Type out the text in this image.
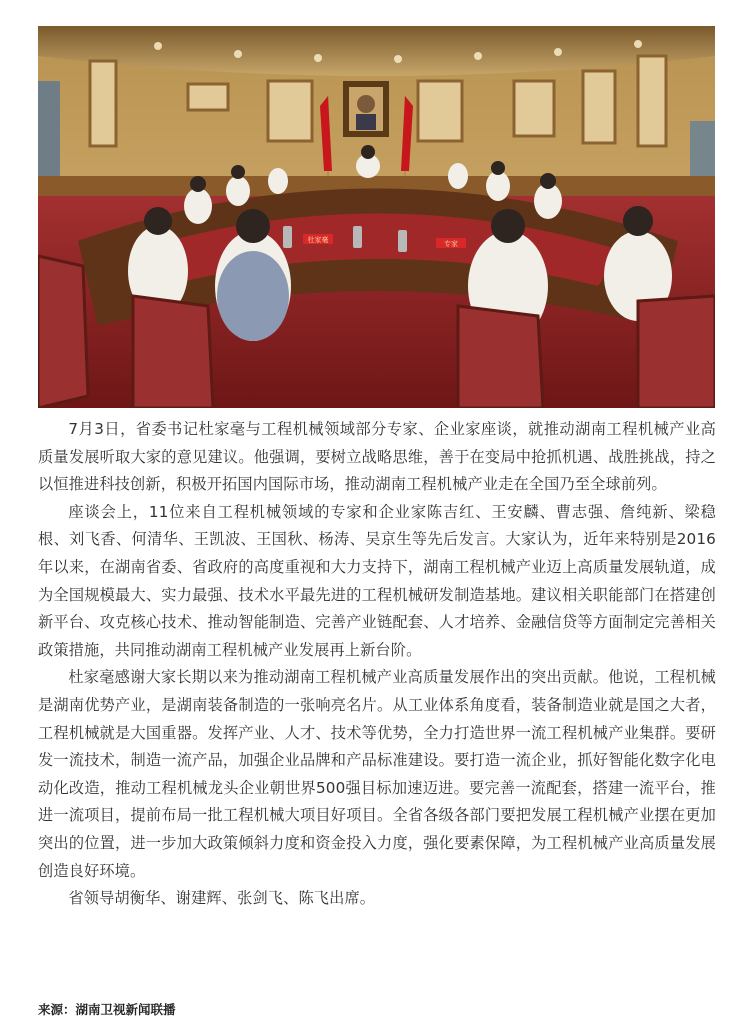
杜家毫	专家

7月3日，省委书记杜家毫与工程机械领域部分专家、企业家座谈，就推动湖南工程机械产业高质量发展听取大家的意见建议。他强调，要树立战略思维，善于在变局中抢抓机遇、战胜挑战，持之以恒推进科技创新，积极开拓国内国际市场，推动湖南工程机械产业走在全国乃至全球前列。

座谈会上，11位来自工程机械领域的专家和企业家陈吉红、王安麟、曹志强、詹纯新、梁稳根、刘飞香、何清华、王凯波、王国秋、杨涛、吴京生等先后发言。大家认为，近年来特别是2016年以来，在湖南省委、省政府的高度重视和大力支持下，湖南工程机械产业迈上高质量发展轨道，成为全国规模最大、实力最强、技术水平最先进的工程机械研发制造基地。建议相关职能部门在搭建创新平台、攻克核心技术、推动智能制造、完善产业链配套、人才培养、金融信贷等方面制定完善相关政策措施，共同推动湖南工程机械产业发展再上新台阶。

杜家毫感谢大家长期以来为推动湖南工程机械产业高质量发展作出的突出贡献。他说，工程机械是湖南优势产业，是湖南装备制造的一张响亮名片。从工业体系角度看，装备制造业就是国之大者，工程机械就是大国重器。发挥产业、人才、技术等优势，全力打造世界一流工程机械产业集群。要研发一流技术，制造一流产品，加强企业品牌和产品标准建设。要打造一流企业，抓好智能化数字化电动化改造，推动工程机械龙头企业朝世界500强目标加速迈进。要完善一流配套，搭建一流平台，推进一流项目，提前布局一批工程机械大项目好项目。全省各级各部门要把发展工程机械产业摆在更加突出的位置，进一步加大政策倾斜力度和资金投入力度，强化要素保障，为工程机械产业高质量发展创造良好环境。

省领导胡衡华、谢建辉、张剑飞、陈飞出席。

来源：湖南卫视新闻联播
